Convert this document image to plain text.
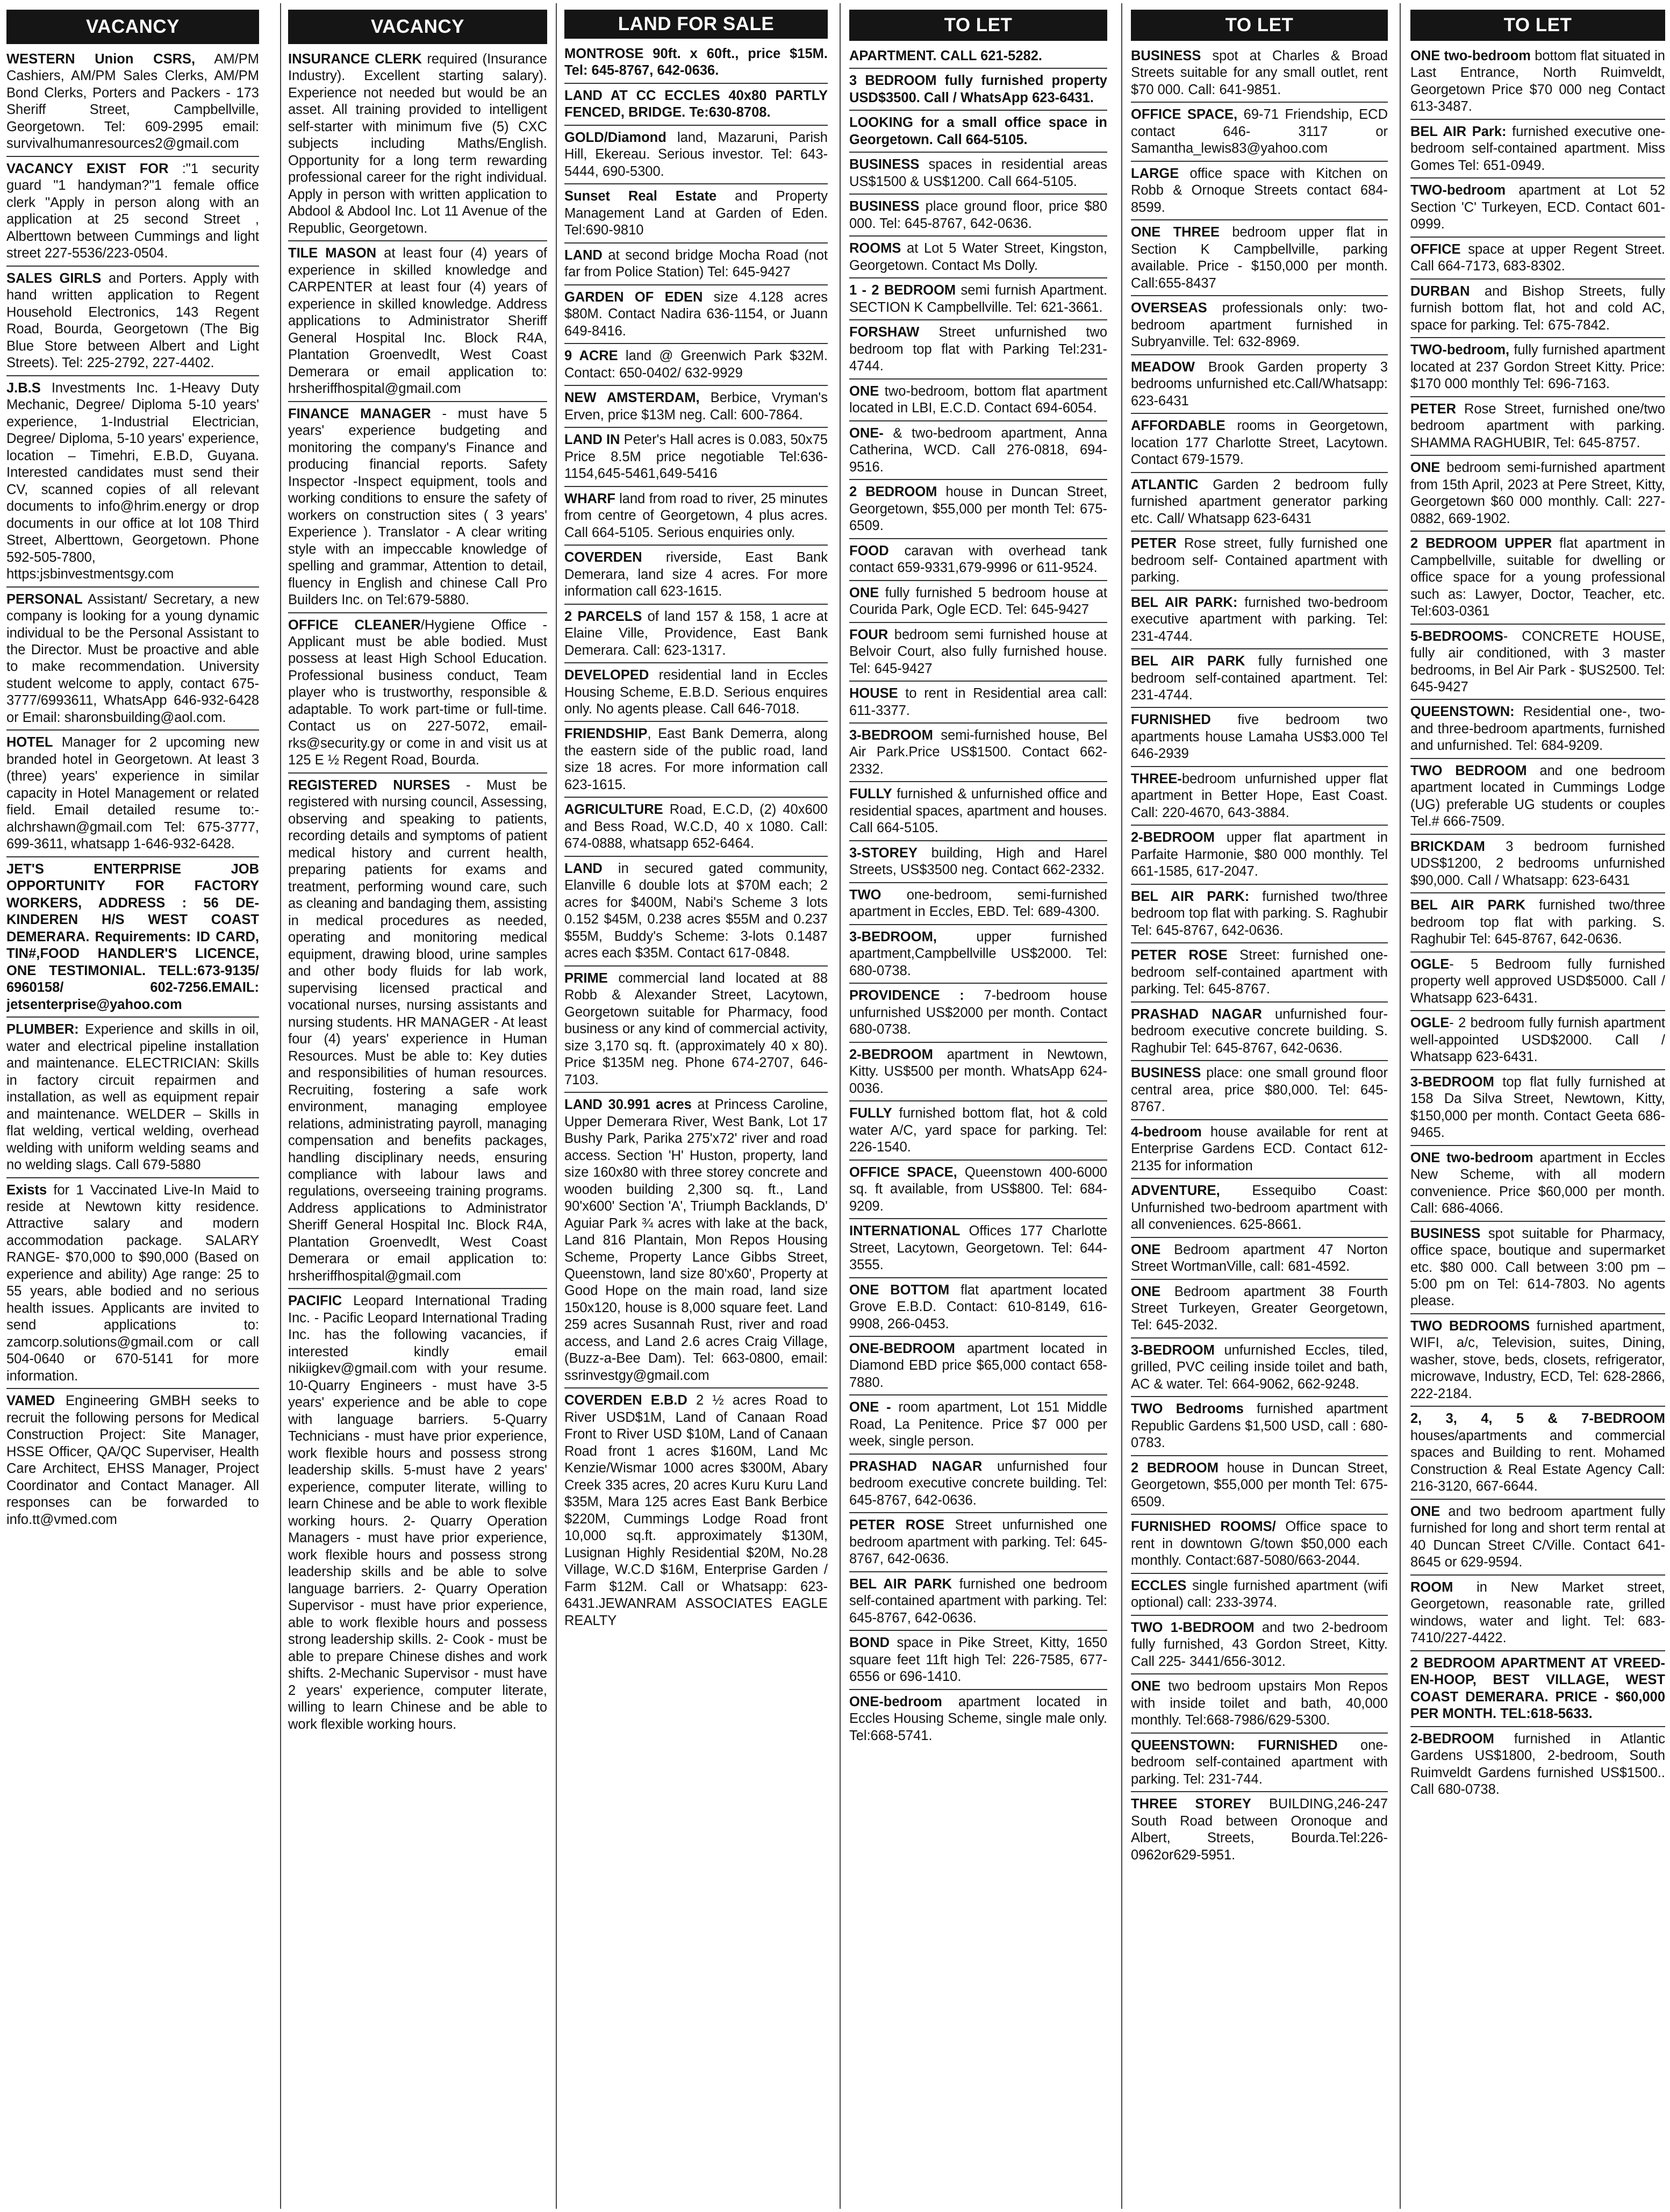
VACANCY
WESTERN Union CSRS, AM/PM Cashiers, AM/PM Sales Clerks, AM/PM Bond Clerks, Porters and Packers - 173 Sheriff Street, Campbellville, Georgetown. Tel: 609-2995 email: survivalhumanresources2@gmail.com
VACANCY EXIST FOR :"1 security guard "1 handyman?"1 female office clerk "Apply in person along with an application at 25 second Street , Alberttown between Cummings and light street 227-5536/223-0504.
SALES GIRLS and Porters. Apply with hand written application to Regent Household Electronics, 143 Regent Road, Bourda, Georgetown (The Big Blue Store between Albert and Light Streets). Tel: 225-2792, 227-4402.
J.B.S Investments Inc. 1-Heavy Duty Mechanic, Degree/ Diploma 5-10 years' experience, 1-Industrial Electrician, Degree/ Diploma, 5-10 years' experience, location – Timehri, E.B.D, Guyana. Interested candidates must send their CV, scanned copies of all relevant documents to info@hrim.energy or drop documents in our office at lot 108 Third Street, Alberttown, Georgetown. Phone 592-505-7800, https:jsbinvestmentsgy.com
PERSONAL Assistant/ Secretary, a new company is looking for a young dynamic individual to be the Personal Assistant to the Director. Must be proactive and able to make recommendation. University student welcome to apply, contact 675-3777/6993611, WhatsApp 646-932-6428 or Email: sharonsbuilding@aol.com.
HOTEL Manager for 2 upcoming new branded hotel in Georgetown. At least 3 (three) years' experience in similar capacity in Hotel Management or related field. Email detailed resume to:- alchrshawn@gmail.com Tel: 675-3777, 699-3611, whatsapp 1-646-932-6428.
JET'S ENTERPRISE JOB OPPORTUNITY FOR FACTORY WORKERS, ADDRESS : 56 DE-KINDEREN H/S WEST COAST DEMERARA. Requirements: ID CARD, TIN#,FOOD HANDLER'S LICENCE, ONE TESTIMONIAL. TELL:673-9135/ 6960158/ 602-7256.EMAIL: jetsenterprise@yahoo.com
PLUMBER: Experience and skills in oil, water and electrical pipeline installation and maintenance. ELECTRICIAN: Skills in factory circuit repairmen and installation, as well as equipment repair and maintenance. WELDER – Skills in flat welding, vertical welding, overhead welding with uniform welding seams and no welding slags. Call 679-5880
Exists for 1 Vaccinated Live-In Maid to reside at Newtown kitty residence. Attractive salary and modern accommodation package. SALARY RANGE- $70,000 to $90,000 (Based on experience and ability) Age range: 25 to 55 years, able bodied and no serious health issues. Applicants are invited to send applications to: zamcorp.solutions@gmail.com or call 504-0640 or 670-5141 for more information.
VAMED Engineering GMBH seeks to recruit the following persons for Medical Construction Project: Site Manager, HSSE Officer, QA/QC Superviser, Health Care Architect, EHSS Manager, Project Coordinator and Contact Manager. All responses can be forwarded to info.tt@vmed.com
VACANCY
INSURANCE CLERK required (Insurance Industry). Excellent starting salary). Experience not needed but would be an asset. All training provided to intelligent self-starter with minimum five (5) CXC subjects including Maths/English. Opportunity for a long term rewarding professional career for the right individual. Apply in person with written application to Abdool & Abdool Inc. Lot 11 Avenue of the Republic, Georgetown.
TILE MASON at least four (4) years of experience in skilled knowledge and CARPENTER at least four (4) years of experience in skilled knowledge. Address applications to Administrator Sheriff General Hospital Inc. Block R4A, Plantation Groenvedlt, West Coast Demerara or email application to: hrsheriffhospital@gmail.com
FINANCE MANAGER - must have 5 years' experience budgeting and monitoring the company's Finance and producing financial reports. Safety Inspector -Inspect equipment, tools and working conditions to ensure the safety of workers on construction sites ( 3 years' Experience ). Translator - A clear writing style with an impeccable knowledge of spelling and grammar, Attention to detail, fluency in English and chinese Call Pro Builders Inc. on Tel:679-5880.
OFFICE CLEANER/Hygiene Office - Applicant must be able bodied. Must possess at least High School Education. Professional business conduct, Team player who is trustworthy, responsible & adaptable. To work part-time or full-time. Contact us on 227-5072, email-rks@security.gy or come in and visit us at 125 E ½ Regent Road, Bourda.
REGISTERED NURSES - Must be registered with nursing council, Assessing, observing and speaking to patients, recording details and symptoms of patient medical history and current health, preparing patients for exams and treatment, performing wound care, such as cleaning and bandaging them, assisting in medical procedures as needed, operating and monitoring medical equipment, drawing blood, urine samples and other body fluids for lab work, supervising licensed practical and vocational nurses, nursing assistants and nursing students. HR MANAGER - At least four (4) years' experience in Human Resources. Must be able to: Key duties and responsibilities of human resources. Recruiting, fostering a safe work environment, managing employee relations, administrating payroll, managing compensation and benefits packages, handling disciplinary needs, ensuring compliance with labour laws and regulations, overseeing training programs. Address applications to Administrator Sheriff General Hospital Inc. Block R4A, Plantation Groenvedlt, West Coast Demerara or email application to: hrsheriffhospital@gmail.com
PACIFIC Leopard International Trading Inc. - Pacific Leopard International Trading Inc. has the following vacancies, if interested kindly email nikiigkev@gmail.com with your resume. 10-Quarry Engineers - must have 3-5 years' experience and be able to cope with language barriers. 5-Quarry Technicians - must have prior experience, work flexible hours and possess strong leadership skills. 5-must have 2 years' experience, computer literate, willing to learn Chinese and be able to work flexible working hours. 2- Quarry Operation Managers - must have prior experience, work flexible hours and possess strong leadership skills and be able to solve language barriers. 2- Quarry Operation Supervisor - must have prior experience, able to work flexible hours and possess strong leadership skills. 2- Cook - must be able to prepare Chinese dishes and work shifts. 2-Mechanic Supervisor - must have 2 years' experience, computer literate, willing to learn Chinese and be able to work flexible working hours.
LAND FOR SALE
MONTROSE 90ft. x 60ft., price $15M. Tel: 645-8767, 642-0636.
LAND AT CC ECCLES 40x80 PARTLY FENCED, BRIDGE. Te:630-8708.
GOLD/Diamond land, Mazaruni, Parish Hill, Ekereau. Serious investor. Tel: 643-5444, 690-5300.
Sunset Real Estate and Property Management Land at Garden of Eden. Tel:690-9810
LAND at second bridge Mocha Road (not far from Police Station) Tel: 645-9427
GARDEN OF EDEN size 4.128 acres $80M. Contact Nadira 636-1154, or Juann 649-8416.
9 ACRE land @ Greenwich Park $32M. Contact: 650-0402/ 632-9929
NEW AMSTERDAM, Berbice, Vryman's Erven, price $13M neg. Call: 600-7864.
LAND IN Peter's Hall acres is 0.083, 50x75 Price 8.5M price negotiable Tel:636-1154,645-5461,649-5416
WHARF land from road to river, 25 minutes from centre of Georgetown, 4 plus acres. Call 664-5105. Serious enquiries only.
COVERDEN riverside, East Bank Demerara, land size 4 acres. For more information call 623-1615.
2 PARCELS of land 157 & 158, 1 acre at Elaine Ville, Providence, East Bank Demerara. Call: 623-1317.
DEVELOPED residential land in Eccles Housing Scheme, E.B.D. Serious enquires only. No agents please. Call 646-7018.
FRIENDSHIP, East Bank Demerra, along the eastern side of the public road, land size 18 acres. For more information call 623-1615.
AGRICULTURE Road, E.C.D, (2) 40x600 and Bess Road, W.C.D, 40 x 1080. Call: 674-0888, whatsapp 652-6464.
LAND in secured gated community, Elanville 6 double lots at $70M each; 2 acres for $400M, Nabi's Scheme 3 lots 0.152 $45M, 0.238 acres $55M and 0.237 $55M, Buddy's Scheme: 3-lots 0.1487 acres each $35M. Contact 617-0848.
PRIME commercial land located at 88 Robb & Alexander Street, Lacytown, Georgetown suitable for Pharmacy, food business or any kind of commercial activity, size 3,170 sq. ft. (approximately 40 x 80). Price $135M neg. Phone 674-2707, 646-7103.
LAND 30.991 acres at Princess Caroline, Upper Demerara River, West Bank, Lot 17 Bushy Park, Parika 275'x72' river and road access. Section 'H' Huston, property, land size 160x80 with three storey concrete and wooden building 2,300 sq. ft., Land 90'x600' Section 'A', Triumph Backlands, D' Aguiar Park ¾ acres with lake at the back, Land 816 Plantain, Mon Repos Housing Scheme, Property Lance Gibbs Street, Queenstown, land size 80'x60', Property at Good Hope on the main road, land size 150x120, house is 8,000 square feet. Land 259 acres Susannah Rust, river and road access, and Land 2.6 acres Craig Village, (Buzz-a-Bee Dam). Tel: 663-0800, email: ssrinvestgy@gmail.com
COVERDEN E.B.D 2 ½ acres Road to River USD$1M, Land of Canaan Road Front to River USD $10M, Land of Canaan Road front 1 acres $160M, Land Mc Kenzie/Wismar 1000 acres $300M, Abary Creek 335 acres, 20 acres Kuru Kuru Land $35M, Mara 125 acres East Bank Berbice $220M, Cummings Lodge Road front 10,000 sq.ft. approximately $130M, Lusignan Highly Residential $20M, No.28 Village, W.C.D $16M, Enterprise Garden / Farm $12M. Call or Whatsapp: 623-6431.JEWANRAM ASSOCIATES EAGLE REALTY
TO LET
APARTMENT. CALL 621-5282.
3 BEDROOM fully furnished property USD$3500. Call / WhatsApp 623-6431.
LOOKING for a small office space in Georgetown. Call 664-5105.
BUSINESS spaces in residential areas US$1500 & US$1200. Call 664-5105.
BUSINESS place ground floor, price $80 000. Tel: 645-8767, 642-0636.
ROOMS at Lot 5 Water Street, Kingston, Georgetown. Contact Ms Dolly.
1 - 2 BEDROOM semi furnish Apartment. SECTION K Campbellville. Tel: 621-3661.
FORSHAW Street unfurnished two bedroom top flat with Parking Tel:231-4744.
ONE two-bedroom, bottom flat apartment located in LBI, E.C.D. Contact 694-6054.
ONE- & two-bedroom apartment, Anna Catherina, WCD. Call 276-0818, 694-9516.
2 BEDROOM house in Duncan Street, Georgetown, $55,000 per month Tel: 675-6509.
FOOD caravan with overhead tank contact 659-9331,679-9996 or 611-9524.
ONE fully furnished 5 bedroom house at Courida Park, Ogle ECD. Tel: 645-9427
FOUR bedroom semi furnished house at Belvoir Court, also fully furnished house. Tel: 645-9427
HOUSE to rent in Residential area call: 611-3377.
3-BEDROOM semi-furnished house, Bel Air Park.Price US$1500. Contact 662-2332.
FULLY furnished & unfurnished office and residential spaces, apartment and houses. Call 664-5105.
3-STOREY building, High and Harel Streets, US$3500 neg. Contact 662-2332.
TWO one-bedroom, semi-furnished apartment in Eccles, EBD. Tel: 689-4300.
3-BEDROOM, upper furnished apartment,Campbellville US$2000. Tel: 680-0738.
PROVIDENCE : 7-bedroom house unfurnished US$2000 per month. Contact 680-0738.
2-BEDROOM apartment in Newtown, Kitty. US$500 per month. WhatsApp 624-0036.
FULLY furnished bottom flat, hot & cold water A/C, yard space for parking. Tel: 226-1540.
OFFICE SPACE, Queenstown 400-6000 sq. ft available, from US$800. Tel: 684-9209.
INTERNATIONAL Offices 177 Charlotte Street, Lacytown, Georgetown. Tel: 644-3555.
ONE BOTTOM flat apartment located Grove E.B.D. Contact: 610-8149, 616-9908, 266-0453.
ONE-BEDROOM apartment located in Diamond EBD price $65,000 contact 658-7880.
ONE - room apartment, Lot 151 Middle Road, La Penitence. Price $7 000 per week, single person.
PRASHAD NAGAR unfurnished four bedroom executive concrete building. Tel: 645-8767, 642-0636.
PETER ROSE Street unfurnished one bedroom apartment with parking. Tel: 645-8767, 642-0636.
BEL AIR PARK furnished one bedroom self-contained apartment with parking. Tel: 645-8767, 642-0636.
BOND space in Pike Street, Kitty, 1650 square feet 11ft high Tel: 226-7585, 677-6556 or 696-1410.
ONE-bedroom apartment located in Eccles Housing Scheme, single male only. Tel:668-5741.
TO LET
BUSINESS spot at Charles & Broad Streets suitable for any small outlet, rent $70 000. Call: 641-9851.
OFFICE SPACE, 69-71 Friendship, ECD contact 646- 3117 or Samantha_lewis83@yahoo.com
LARGE office space with Kitchen on Robb & Ornoque Streets contact 684-8599.
ONE THREE bedroom upper flat in Section K Campbellville, parking available. Price - $150,000 per month. Call:655-8437
OVERSEAS professionals only: two-bedroom apartment furnished in Subryanville. Tel: 632-8969.
MEADOW Brook Garden property 3 bedrooms unfurnished etc.Call/Whatsapp: 623-6431
AFFORDABLE rooms in Georgetown, location 177 Charlotte Street, Lacytown. Contact 679-1579.
ATLANTIC Garden 2 bedroom fully furnished apartment generator parking etc. Call/ Whatsapp 623-6431
PETER Rose street, fully furnished one bedroom self- Contained apartment with parking.
BEL AIR PARK: furnished two-bedroom executive apartment with parking. Tel: 231-4744.
BEL AIR PARK fully furnished one bedroom self-contained apartment. Tel: 231-4744.
FURNISHED five bedroom two apartments house Lamaha US$3.000 Tel 646-2939
THREE-bedroom unfurnished upper flat apartment in Better Hope, East Coast. Call: 220-4670, 643-3884.
2-BEDROOM upper flat apartment in Parfaite Harmonie, $80 000 monthly. Tel 661-1585, 617-2047.
BEL AIR PARK: furnished two/three bedroom top flat with parking. S. Raghubir Tel: 645-8767, 642-0636.
PETER ROSE Street: furnished one-bedroom self-contained apartment with parking. Tel: 645-8767.
PRASHAD NAGAR unfurnished four-bedroom executive concrete building. S. Raghubir Tel: 645-8767, 642-0636.
BUSINESS place: one small ground floor central area, price $80,000. Tel: 645-8767.
4-bedroom house available for rent at Enterprise Gardens ECD. Contact 612-2135 for information
ADVENTURE, Essequibo Coast: Unfurnished two-bedroom apartment with all conveniences. 625-8661.
ONE Bedroom apartment 47 Norton Street WortmanVille, call: 681-4592.
ONE Bedroom apartment 38 Fourth Street Turkeyen, Greater Georgetown, Tel: 645-2032.
3-BEDROOM unfurnished Eccles, tiled, grilled, PVC ceiling inside toilet and bath, AC & water. Tel: 664-9062, 662-9248.
TWO Bedrooms furnished apartment Republic Gardens $1,500 USD, call : 680-0783.
2 BEDROOM house in Duncan Street, Georgetown, $55,000 per month Tel: 675-6509.
FURNISHED ROOMS/ Office space to rent in downtown G/town $50,000 each monthly. Contact:687-5080/663-2044.
ECCLES single furnished apartment (wifi optional) call: 233-3974.
TWO 1-BEDROOM and two 2-bedroom fully furnished, 43 Gordon Street, Kitty. Call 225- 3441/656-3012.
ONE two bedroom upstairs Mon Repos with inside toilet and bath, 40,000 monthly. Tel:668-7986/629-5300.
QUEENSTOWN: FURNISHED one-bedroom self-contained apartment with parking. Tel: 231-744.
THREE STOREY BUILDING,246-247 South Road between Oronoque and Albert, Streets, Bourda.Tel:226-0962or629-5951.
TO LET
ONE two-bedroom bottom flat situated in Last Entrance, North Ruimveldt, Georgetown Price $70 000 neg Contact 613-3487.
BEL AIR Park: furnished executive one-bedroom self-contained apartment. Miss Gomes Tel: 651-0949.
TWO-bedroom apartment at Lot 52 Section 'C' Turkeyen, ECD. Contact 601-0999.
OFFICE space at upper Regent Street. Call 664-7173, 683-8302.
DURBAN and Bishop Streets, fully furnish bottom flat, hot and cold AC, space for parking. Tel: 675-7842.
TWO-bedroom, fully furnished apartment located at 237 Gordon Street Kitty. Price: $170 000 monthly Tel: 696-7163.
PETER Rose Street, furnished one/two bedroom apartment with parking. SHAMMA RAGHUBIR, Tel: 645-8757.
ONE bedroom semi-furnished apartment from 15th April, 2023 at Pere Street, Kitty, Georgetown $60 000 monthly. Call: 227-0882, 669-1902.
2 BEDROOM UPPER flat apartment in Campbellville, suitable for dwelling or office space for a young professional such as: Lawyer, Doctor, Teacher, etc. Tel:603-0361
5-BEDROOMS- CONCRETE HOUSE, fully air conditioned, with 3 master bedrooms, in Bel Air Park - $US2500. Tel: 645-9427
QUEENSTOWN: Residential one-, two- and three-bedroom apartments, furnished and unfurnished. Tel: 684-9209.
TWO BEDROOM and one bedroom apartment located in Cummings Lodge (UG) preferable UG students or couples Tel.# 666-7509.
BRICKDAM 3 bedroom furnished UDS$1200, 2 bedrooms unfurnished $90,000. Call / Whatsapp: 623-6431
BEL AIR PARK furnished two/three bedroom top flat with parking. S. Raghubir Tel: 645-8767, 642-0636.
OGLE- 5 Bedroom fully furnished property well approved USD$5000. Call / Whatsapp 623-6431.
OGLE- 2 bedroom fully furnish apartment well-appointed USD$2000. Call / Whatsapp 623-6431.
3-BEDROOM top flat fully furnished at 158 Da Silva Street, Newtown, Kitty, $150,000 per month. Contact Geeta 686-9465.
ONE two-bedroom apartment in Eccles New Scheme, with all modern convenience. Price $60,000 per month. Call: 686-4066.
BUSINESS spot suitable for Pharmacy, office space, boutique and supermarket etc. $80 000. Call between 3:00 pm – 5:00 pm on Tel: 614-7803. No agents please.
TWO BEDROOMS furnished apartment, WIFI, a/c, Television, suites, Dining, washer, stove, beds, closets, refrigerator, microwave, Industry, ECD, Tel: 628-2866, 222-2184.
2, 3, 4, 5 & 7-BEDROOM houses/apartments and commercial spaces and Building to rent. Mohamed Construction & Real Estate Agency Call: 216-3120, 667-6644.
ONE and two bedroom apartment fully furnished for long and short term rental at 40 Duncan Street C/Ville. Contact 641-8645 or 629-9594.
ROOM in New Market street, Georgetown, reasonable rate, grilled windows, water and light. Tel: 683-7410/227-4422.
2 BEDROOM APARTMENT AT VREED-EN-HOOP, BEST VILLAGE, WEST COAST DEMERARA. PRICE - $60,000 PER MONTH. TEL:618-5633.
2-BEDROOM furnished in Atlantic Gardens US$1800, 2-bedroom, South Ruimveldt Gardens furnished US$1500.. Call 680-0738.
